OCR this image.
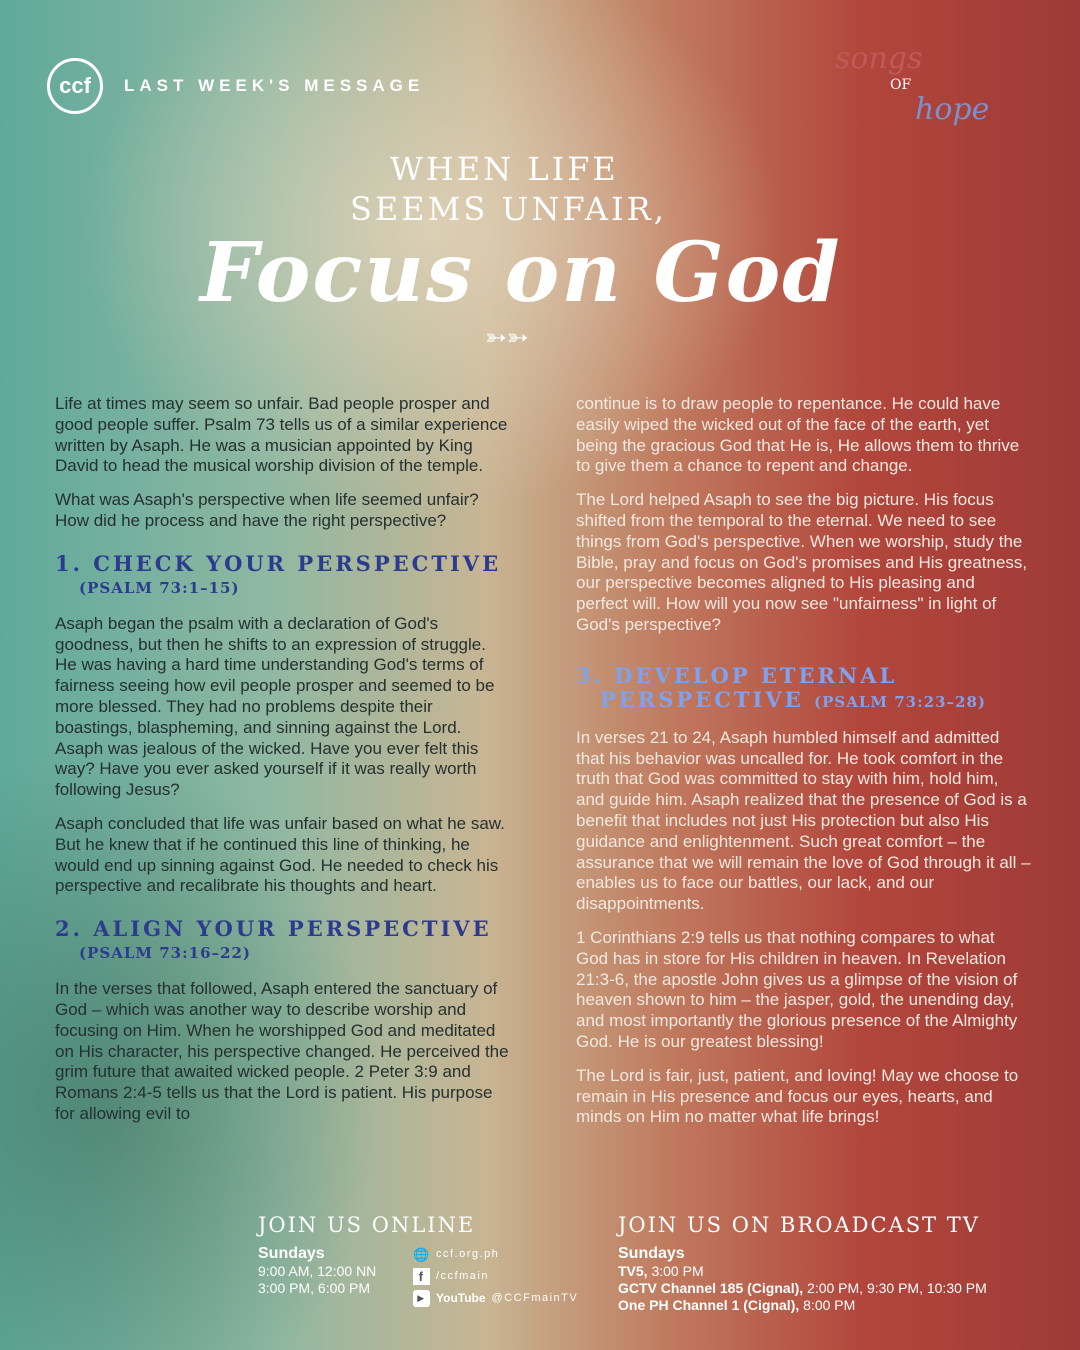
ccf	LAST WEEK'S MESSAGE
songs
OF
hope
WHEN LIFE
SEEMS UNFAIR,
Focus on God
➳➳

Life at times may seem so unfair. Bad people prosper and good people suffer. Psalm 73 tells us of a similar experience written by Asaph. He was a musician appointed by King David to head the musical worship division of the temple.

What was Asaph's perspective when life seemed unfair? How did he process and have the right perspective?

1. CHECK YOUR PERSPECTIVE
(PSALM 73:1–15)

Asaph began the psalm with a declaration of God's goodness, but then he shifts to an expression of struggle. He was having a hard time understanding God's terms of fairness seeing how evil people prosper and seemed to be more blessed. They had no problems despite their boastings, blaspheming, and sinning against the Lord. Asaph was jealous of the wicked. Have you ever felt this way? Have you ever asked yourself if it was really worth following Jesus?

Asaph concluded that life was unfair based on what he saw. But he knew that if he continued this line of thinking, he would end up sinning against God. He needed to check his perspective and recalibrate his thoughts and heart.

2. ALIGN YOUR PERSPECTIVE
(PSALM 73:16–22)

In the verses that followed, Asaph entered the sanctuary of God – which was another way to describe worship and focusing on Him. When he worshipped God and meditated on His character, his perspective changed. He perceived the grim future that awaited wicked people. 2 Peter 3:9 and Romans 2:4-5 tells us that the Lord is patient. His purpose for allowing evil to

continue is to draw people to repentance. He could have easily wiped the wicked out of the face of the earth, yet being the gracious God that He is, He allows them to thrive to give them a chance to repent and change.

The Lord helped Asaph to see the big picture. His focus shifted from the temporal to the eternal. We need to see things from God's perspective. When we worship, study the Bible, pray and focus on God's promises and His greatness, our perspective becomes aligned to His pleasing and perfect will. How will you now see "unfairness" in light of God's perspective?

3. DEVELOP ETERNAL
PERSPECTIVE (PSALM 73:23–28)

In verses 21 to 24, Asaph humbled himself and admitted that his behavior was uncalled for. He took comfort in the truth that God was committed to stay with him, hold him, and guide him. Asaph realized that the presence of God is a benefit that includes not just His protection but also His guidance and enlightenment. Such great comfort – the assurance that we will remain the love of God through it all – enables us to face our battles, our lack, and our disappointments.

1 Corinthians 2:9 tells us that nothing compares to what God has in store for His children in heaven. In Revelation 21:3-6, the apostle John gives us a glimpse of the vision of heaven shown to him – the jasper, gold, the unending day, and most importantly the glorious presence of the Almighty God. He is our greatest blessing!

The Lord is fair, just, patient, and loving! May we choose to remain in His presence and focus our eyes, hearts, and minds on Him no matter what life brings!

JOIN US ONLINE
Sundays
9:00 AM, 12:00 NN
3:00 PM, 6:00 PM
🌐 ccf.org.ph
f	/ccfmain
▶ YouTube @CCFmainTV
JOIN US ON BROADCAST TV
Sundays
TV5, 3:00 PM
GCTV Channel 185 (Cignal), 2:00 PM, 9:30 PM, 10:30 PM
One PH Channel 1 (Cignal), 8:00 PM
